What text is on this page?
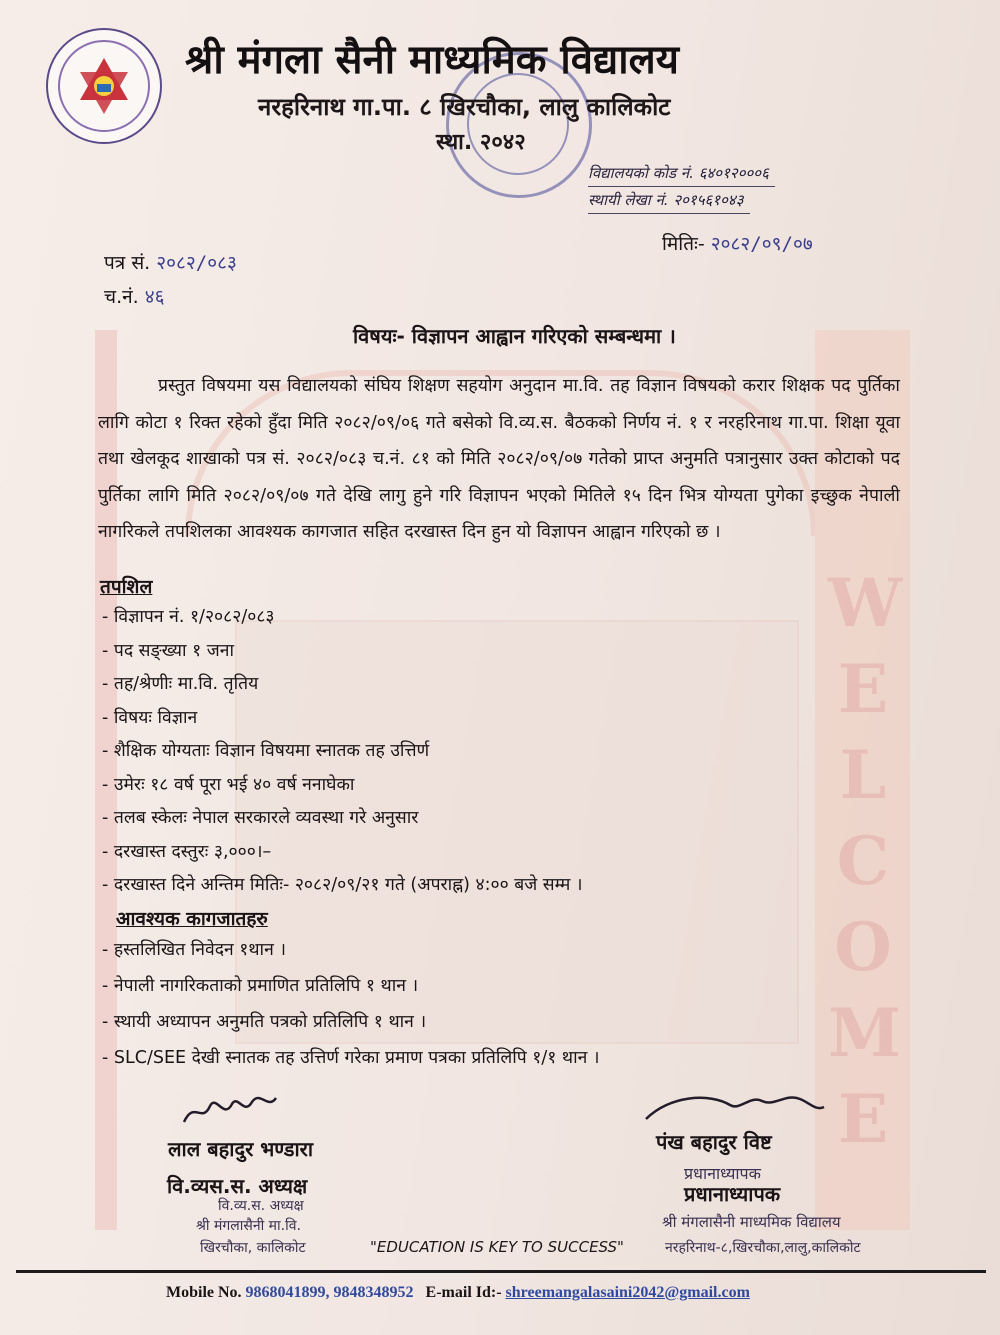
WELCOME
श्री मंगला सैनी माध्यमिक विद्यालय
नरहरिनाथ गा.पा. ८ खिरचौका, लालु कालिकोट
स्था. २०४२
विद्यालयको कोड नं. ६४०१२०००६
स्थायी लेखा नं. २०१५६१०४३
पत्र सं. २०८२/०८३
च.नं. ४६
मितिः- २०८२/०९/०७
विषयः- विज्ञापन आह्वान गरिएको सम्बन्धमा ।
प्रस्तुत विषयमा यस विद्यालयको संघिय शिक्षण सहयोग अनुदान मा.वि. तह विज्ञान विषयको करार शिक्षक पद पुर्तिका लागि कोटा १ रिक्त रहेको हुँदा मिति २०८२/०९/०६ गते बसेको वि.व्य.स. बैठकको निर्णय नं. १ र नरहरिनाथ गा.पा. शिक्षा यूवा तथा खेलकूद शाखाको पत्र सं. २०८२/०८३ च.नं. ८१ को मिति २०८२/०९/०७ गतेको प्राप्त अनुमति पत्रानुसार उक्त कोटाको पद पुर्तिका लागि मिति २०८२/०९/०७ गते देखि लागु हुने गरि विज्ञापन भएको मितिले १५ दिन भित्र योग्यता पुगेका इच्छुक नेपाली नागरिकले तपशिलका आवश्यक कागजात सहित दरखास्त दिन हुन यो विज्ञापन आह्वान गरिएको छ ।
तपशिल
- विज्ञापन नं. १/२०८२/०८३
- पद सङ्ख्या १ जना
- तह/श्रेणीः मा.वि. तृतिय
- विषयः विज्ञान
- शैक्षिक योग्यताः विज्ञान विषयमा स्नातक तह उत्तिर्ण
- उमेरः १८ वर्ष पूरा भई ४० वर्ष ननाघेका
- तलब स्केलः नेपाल सरकारले व्यवस्था गरे अनुसार
- दरखास्त दस्तुरः ३,०००।–
- दरखास्त दिने अन्तिम मितिः- २०८२/०९/२१ गते (अपराह्न) ४:०० बजे सम्म ।
आवश्यक कागजातहरु
- हस्तलिखित निवेदन १थान ।
- नेपाली नागरिकताको प्रमाणित प्रतिलिपि १ थान ।
- स्थायी अध्यापन अनुमति पत्रको प्रतिलिपि १ थान ।
- SLC/SEE देखी स्नातक तह उत्तिर्ण गरेका प्रमाण पत्रका प्रतिलिपि १/१ थान ।
लाल बहादुर भण्डारा
वि.व्यस.स. अध्यक्ष
वि.व्य.स. अध्यक्ष
श्री मंगलासैनी मा.वि.
खिरचौका, कालिकोट	"EDUCATION IS KEY TO SUCCESS"
पंख बहादुर विष्ट
प्रधानाध्यापक
प्रधानाध्यापक
श्री मंगलासैनी माध्यमिक विद्यालय
नरहरिनाथ-८,खिरचौका,लालु,कालिकोट
Mobile No. 9868041899, 9848348952 E-mail Id:- shreemangalasaini2042@gmail.com
